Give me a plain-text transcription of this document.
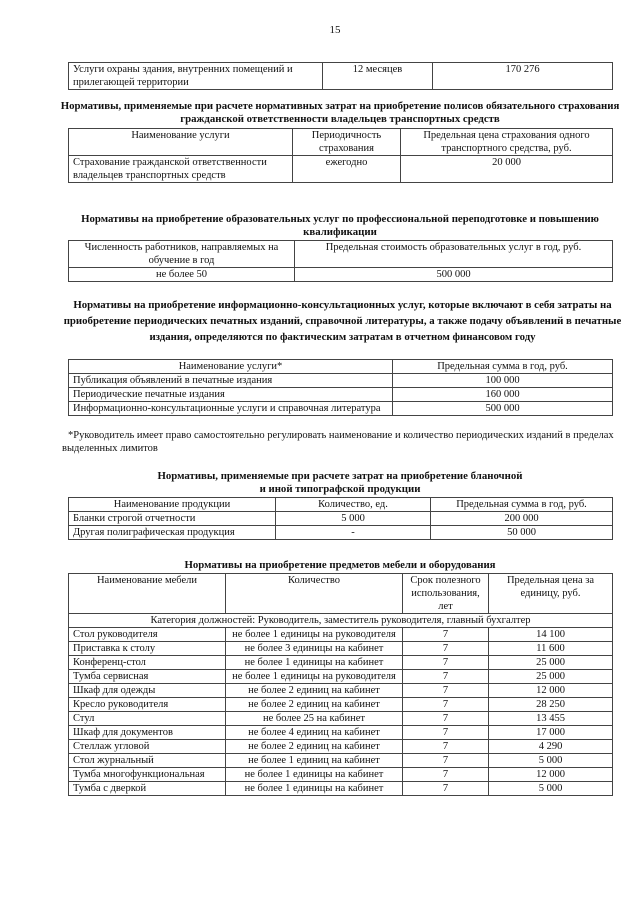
15
Услуги охраны здания, внутренних помещений и прилегающей территории	12 месяцев	170 276
Нормативы, применяемые при расчете нормативных затрат на приобретение полисов обязательного страхования гражданской ответственности владельцев транспортных средств
Наименование услуги	Периодичность страхования	Предельная цена страхования одного транспортного средства, руб.
Страхование гражданской ответственности владельцев транспортных средств	ежегодно	20 000
Нормативы на приобретение образовательных услуг по профессиональной переподготовке и повышению квалификации
Численность работников, направляемых на обучение в год	Предельная стоимость образовательных услуг в год, руб.
не более 50	500 000
Нормативы на приобретение информационно-консультационных услуг, которые включают в себя затраты на приобретение периодических печатных изданий, справочной литературы, а также подачу объявлений в печатные издания, определяются по фактическим затратам в отчетном финансовом году
Наименование услуги*	Предельная сумма в год, руб.
Публикация объявлений в печатные издания	100 000
Периодические печатные издания	160 000
Информационно-консультационные услуги и справочная литература	500 000
*Руководитель имеет право самостоятельно регулировать наименование и количество периодических изданий в пределах выделенных лимитов
Нормативы, применяемые при расчете затрат на приобретение бланочной
и иной типографской продукции
Наименование продукции	Количество, ед.	Предельная сумма в год, руб.
Бланки строгой отчетности	5 000	200 000
Другая полиграфическая продукция	-	50 000
Нормативы на приобретение предметов мебели и оборудования
Наименование мебели	Количество	Срок полезного использования, лет	Предельная цена за единицу, руб.
Категория должностей: Руководитель, заместитель руководителя, главный бухгалтер			
Стол руководителя	не более 1 единицы на руководителя	7	14 100
Приставка к столу	не более 3 единицы на кабинет	7	11 600
Конференц-стол	не более 1 единицы на кабинет	7	25 000
Тумба сервисная	не более 1 единицы на руководителя	7	25 000
Шкаф для одежды	не более 2 единиц на кабинет	7	12 000
Кресло руководителя	не более 2 единиц на кабинет	7	28 250
Стул	не более 25 на кабинет	7	13 455
Шкаф для документов	не более 4 единиц на кабинет	7	17 000
Стеллаж угловой	не более 2 единиц на кабинет	7	4 290
Стол журнальный	не более 1 единиц на кабинет	7	5 000
Тумба многофункциональная	не более 1 единицы на кабинет	7	12 000
Тумба с дверкой	не более 1 единицы на кабинет	7	5 000
